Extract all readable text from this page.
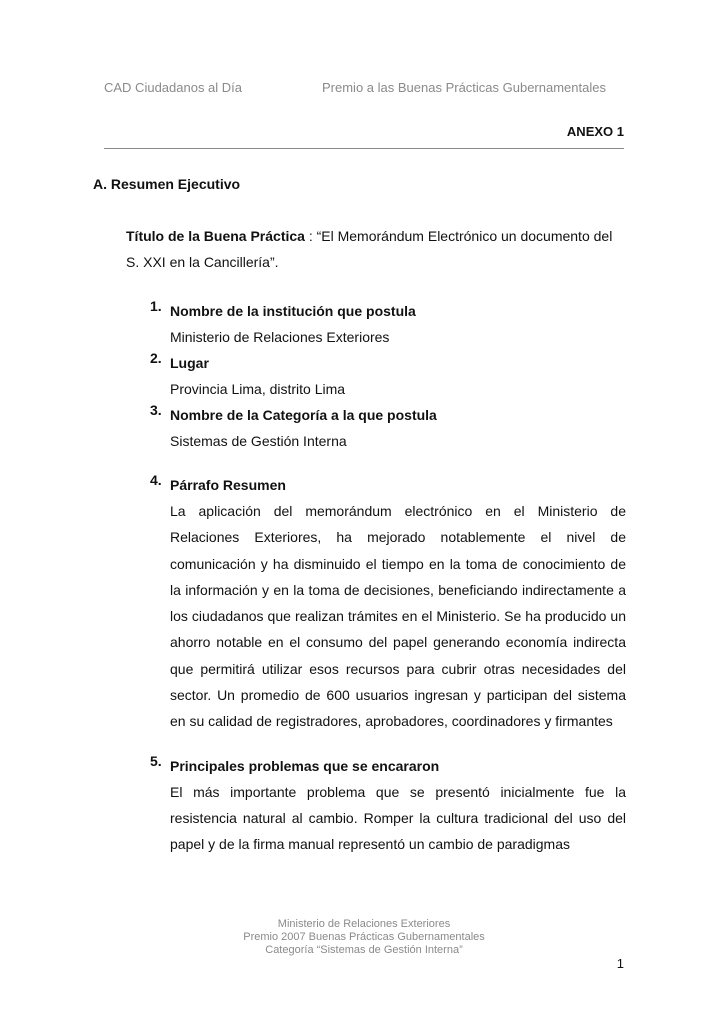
CAD Ciudadanos al Día	Premio a las Buenas Prácticas Gubernamentales
ANEXO 1
A. Resumen Ejecutivo
Título de la Buena Práctica : “El Memorándum Electrónico un documento del S. XXI en la Cancillería”.
1. Nombre de la institución que postula
Ministerio de Relaciones Exteriores
2. Lugar
Provincia Lima, distrito Lima
3. Nombre de la Categoría a la que postula
Sistemas de Gestión Interna
4. Párrafo Resumen
La aplicación del memorándum electrónico en el Ministerio de Relaciones Exteriores, ha mejorado notablemente el nivel de comunicación y ha disminuido el tiempo en la toma de conocimiento de la información y en la toma de decisiones, beneficiando indirectamente a los ciudadanos que realizan trámites en el Ministerio. Se ha producido un ahorro notable en el consumo del papel generando economía indirecta que permitirá utilizar esos recursos para cubrir otras necesidades del sector. Un promedio de 600 usuarios ingresan y participan del sistema en su calidad de registradores, aprobadores, coordinadores y firmantes
5. Principales problemas que se encararon
El más importante problema que se presentó inicialmente fue la resistencia natural al cambio. Romper la cultura tradicional del uso del papel y de la firma manual representó un cambio de paradigmas
Ministerio de Relaciones Exteriores
Premio 2007 Buenas Prácticas Gubernamentales
Categoría “Sistemas de Gestión Interna”
1
